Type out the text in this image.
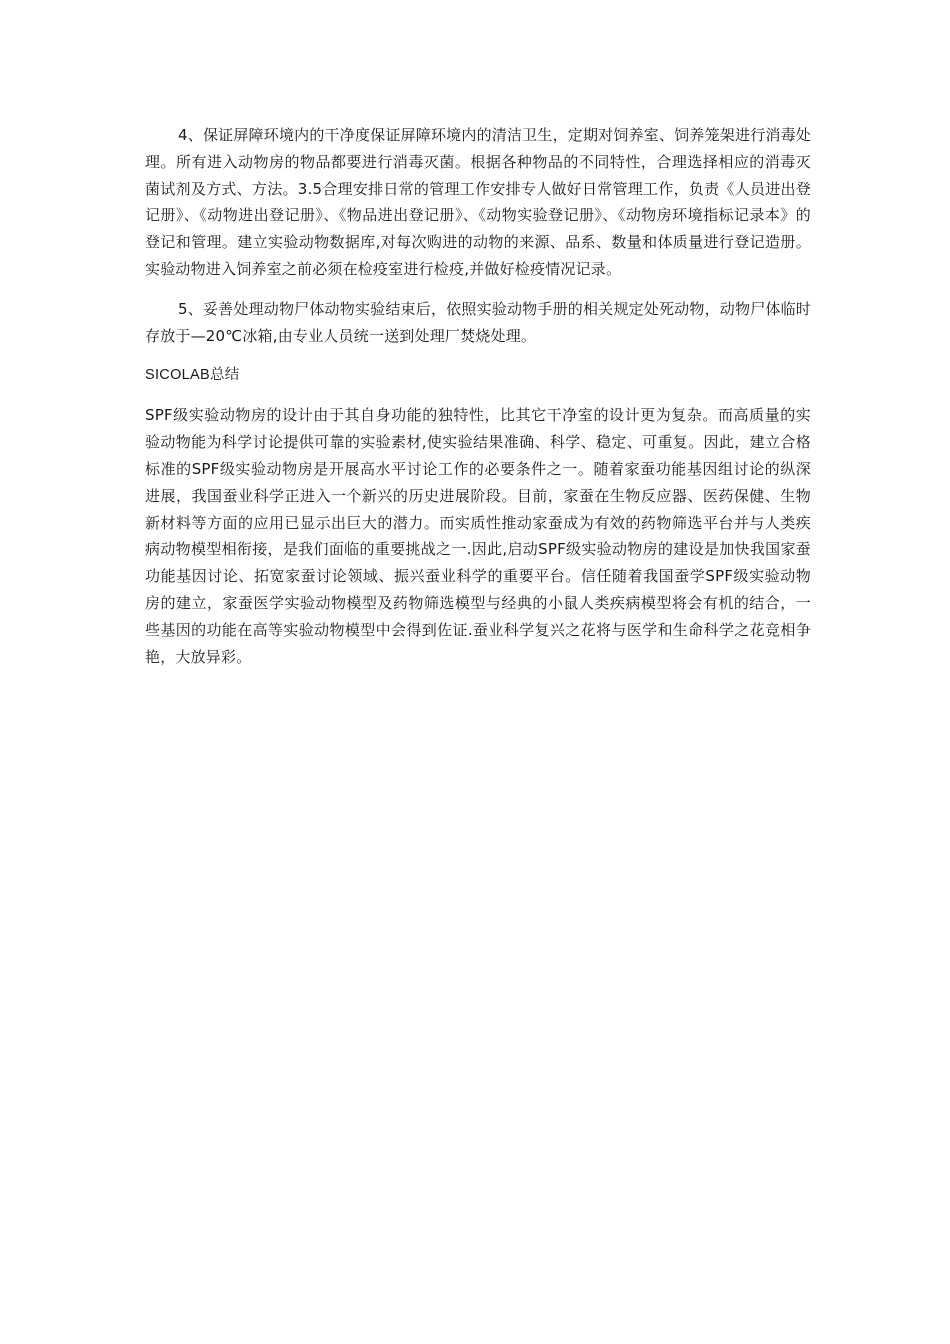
4、保证屏障环境内的干净度保证屏障环境内的清洁卫生，定期对饲养室、饲养笼架进行消毒处理。所有进入动物房的物品都要进行消毒灭菌。根据各种物品的不同特性，合理选择相应的消毒灭菌试剂及方式、方法。3.5合理安排日常的管理工作安排专人做好日常管理工作，负责《人员进出登记册》、《动物进出登记册》、《物品进出登记册》、《动物实验登记册》、《动物房环境指标记录本》的登记和管理。建立实验动物数据库,对每次购进的动物的来源、品系、数量和体质量进行登记造册。实验动物进入饲养室之前必须在检疫室进行检疫,并做好检疫情况记录。

5、妥善处理动物尸体动物实验结束后，依照实验动物手册的相关规定处死动物，动物尸体临时存放于—20℃冰箱,由专业人员统一送到处理厂焚烧处理。

SICOLAB总结

SPF级实验动物房的设计由于其自身功能的独特性，比其它干净室的设计更为复杂。而高质量的实验动物能为科学讨论提供可靠的实验素材,使实验结果准确、科学、稳定、可重复。因此，建立合格标准的SPF级实验动物房是开展高水平讨论工作的必要条件之一。随着家蚕功能基因组讨论的纵深进展，我国蚕业科学正进入一个新兴的历史进展阶段。目前，家蚕在生物反应器、医药保健、生物新材料等方面的应用已显示出巨大的潜力。而实质性推动家蚕成为有效的药物筛选平台并与人类疾病动物模型相衔接，是我们面临的重要挑战之一.因此,启动SPF级实验动物房的建设是加快我国家蚕功能基因讨论、拓宽家蚕讨论领域、振兴蚕业科学的重要平台。信任随着我国蚕学SPF级实验动物房的建立，家蚕医学实验动物模型及药物筛选模型与经典的小鼠人类疾病模型将会有机的结合，一些基因的功能在高等实验动物模型中会得到佐证.蚕业科学复兴之花将与医学和生命科学之花竞相争艳，大放异彩。
